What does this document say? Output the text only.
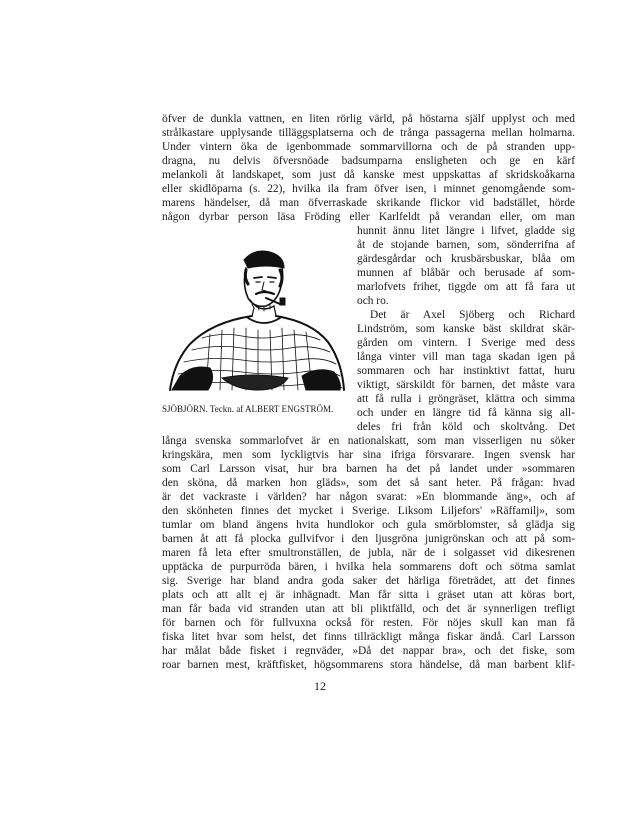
öfver de dunkla vattnen, en liten rörlig värld, på höstarna själf upplyst och med
strålkastare upplysande tilläggsplatserna och de trånga passagerna mellan holmarna.
Under vintern öka de igenbommade sommarvillorna och de på stranden upp-
dragna, nu delvis öfversnöade badsumparna ensligheten och ge en kärf
melankoli åt landskapet, som just då kanske mest uppskattas af skridskoåkarna
eller skidlöparna (s. 22), hvilka ila fram öfver isen, i minnet genomgående som-
marens händelser, då man öfverraskade skrikande flickor vid badstället, hörde
någon dyrbar person läsa Fröding eller Karlfeldt på verandan eller, om man
hunnit ännu litet längre i lifvet, gladde sig
åt de stojande barnen, som, sönderrifna af
gärdesgårdar och krusbärsbuskar, blåa om
munnen af blåbär och berusade af som-
marlofvets frihet, tiggde om att få fara ut
och ro.
Det är Axel Sjöberg och Richard
Lindström, som kanske bäst skildrat skär-
gården om vintern. I Sverige med dess
långa vinter vill man taga skadan igen på
sommaren och har instinktivt fattat, huru
viktigt, särskildt för barnen, det måste vara
att få rulla i gröngräset, klättra och simma
och under en längre tid få känna sig all-
deles fri från köld och skoltvång. Det
SJÖBJÖRN. Teckn. af ALBERT ENGSTRÖM.
långa svenska sommarlofvet är en nationalskatt, som man visserligen nu söker
kringskära, men som lyckligtvis har sina ifriga försvarare. Ingen svensk har
som Carl Larsson visat, hur bra barnen ha det på landet under »sommaren
den sköna, då marken hon gläds», som det så sant heter. På frågan: hvad
är det vackraste i världen? har någon svarat: »En blommande äng», och af
den skönheten finnes det mycket i Sverige. Liksom Liljefors' »Räffamilj», som
tumlar om bland ängens hvita hundlokor och gula smörblomster, så glädja sig
barnen åt att få plocka gullvifvor i den ljusgröna junigrönskan och att på som-
maren få leta efter smultronställen, de jubla, när de i solgasset vid dikesrenen
upptäcka de purpurröda bären, i hvilka hela sommarens doft och sötma samlat
sig. Sverige har bland andra goda saker det härliga företrädet, att det finnes
plats och att allt ej är inhägnadt. Man får sitta i gräset utan att köras bort,
man får bada vid stranden utan att bli pliktfälld, och det är synnerligen trefligt
för barnen och för fullvuxna också för resten. För nöjes skull kan man få
fiska litet hvar som helst, det finns tillräckligt många fiskar ändå. Carl Larsson
har målat både fisket i regnväder, »Då det nappar bra», och det fiske, som
roar barnen mest, kräftfisket, högsommarens stora händelse, då man barbent klif-
12
